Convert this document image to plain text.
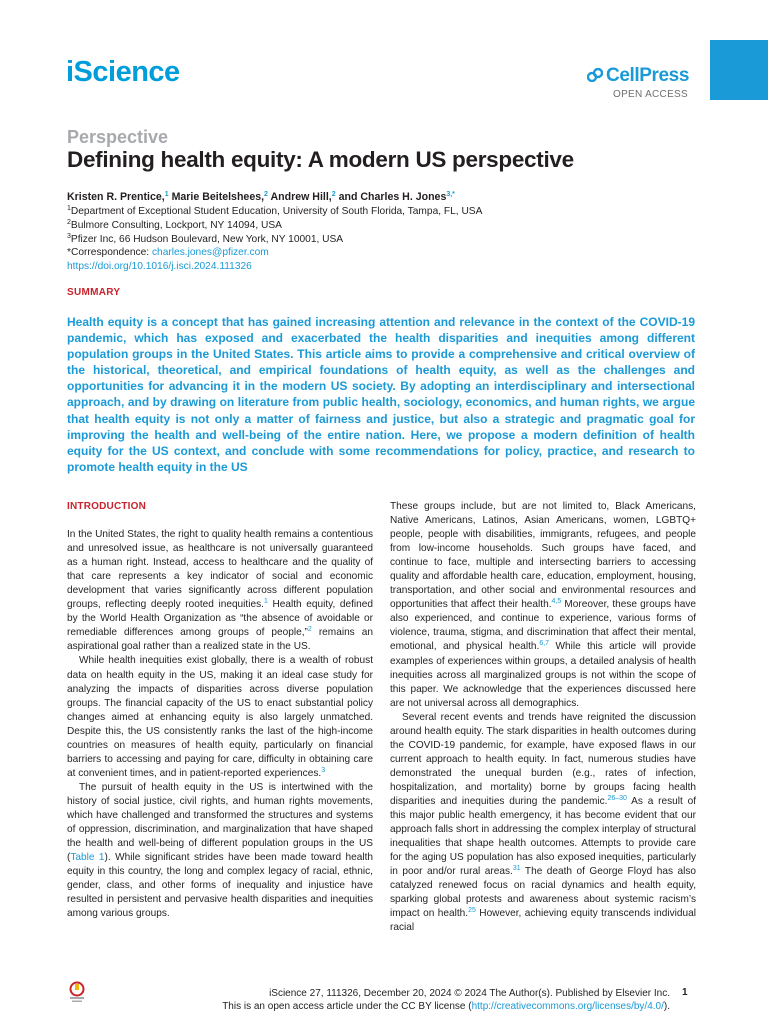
iScience	CellPress
OPEN ACCESS
Perspective
Defining health equity: A modern US perspective
Kristen R. Prentice,$^1$ Marie Beitelshees,$^2$ Andrew Hill,$^2$ and Charles H. Jones$^{3,*}$
$^1$Department of Exceptional Student Education, University of South Florida, Tampa, FL, USA
$^2$Bulmore Consulting, Lockport, NY 14094, USA
$^3$Pfizer Inc, 66 Hudson Boulevard, New York, NY 10001, USA
*Correspondence: charles.jones@pfizer.com
https://doi.org/10.1016/j.isci.2024.111326
SUMMARY
Health equity is a concept that has gained increasing attention and relevance in the context of the COVID-19 pandemic, which has exposed and exacerbated the health disparities and inequities among different population groups in the United States. This article aims to provide a comprehensive and critical overview of the historical, theoretical, and empirical foundations of health equity, as well as the challenges and opportunities for advancing it in the modern US society. By adopting an interdisciplinary and intersectional approach, and by drawing on literature from public health, sociology, economics, and human rights, we argue that health equity is not only a matter of fairness and justice, but also a strategic and pragmatic goal for improving the health and well-being of the entire nation. Here, we propose a modern definition of health equity for the US context, and conclude with some recommendations for policy, practice, and research to promote health equity in the US
INTRODUCTION

In the United States, the right to quality health remains a contentious and unresolved issue, as healthcare is not universally guaranteed as a human right. Instead, access to healthcare and the quality of that care represents a key indicator of social and economic development that varies significantly across different population groups, reflecting deeply rooted inequities.$^1$ Health equity, defined by the World Health Organization as “the absence of avoidable or remediable differences among groups of people,”$^2$ remains an aspirational goal rather than a realized state in the US.

While health inequities exist globally, there is a wealth of robust data on health equity in the US, making it an ideal case study for analyzing the impacts of disparities across diverse population groups. The financial capacity of the US to enact substantial policy changes aimed at enhancing equity is also largely unmatched. Despite this, the US consistently ranks the last of the high-income countries on measures of health equity, particularly on financial barriers to accessing and paying for care, difficulty in obtaining care at convenient times, and in patient-reported experiences.$^3$

The pursuit of health equity in the US is intertwined with the history of social justice, civil rights, and human rights movements, which have challenged and transformed the structures and systems of oppression, discrimination, and marginalization that have shaped the health and well-being of different population groups in the US (Table 1). While significant strides have been made toward health equity in this country, the long and complex legacy of racial, ethnic, gender, class, and other forms of inequality and injustice have resulted in persistent and pervasive health disparities and inequities among various groups.

These groups include, but are not limited to, Black Americans, Native Americans, Latinos, Asian Americans, women, LGBTQ+ people, people with disabilities, immigrants, refugees, and people from low-income households. Such groups have faced, and continue to face, multiple and intersecting barriers to accessing quality and affordable health care, education, employment, housing, transportation, and other social and environmental resources and opportunities that affect their health.$^{4,5}$ Moreover, these groups have also experienced, and continue to experience, various forms of violence, trauma, stigma, and discrimination that affect their mental, emotional, and physical health.$^{6,7}$ While this article will provide examples of experiences within groups, a detailed analysis of health inequities across all marginalized groups is not within the scope of this paper. We acknowledge that the experiences discussed here are not universal across all demographics.

Several recent events and trends have reignited the discussion around health equity. The stark disparities in health outcomes during the COVID-19 pandemic, for example, have exposed flaws in our current approach to health equity. In fact, numerous studies have demonstrated the unequal burden (e.g., rates of infection, hospitalization, and mortality) borne by groups facing health disparities and inequities during the pandemic.$^{26-30}$ As a result of this major public health emergency, it has become evident that our approach falls short in addressing the complex interplay of structural inequalities that shape health outcomes. Attempts to provide care for the aging US population has also exposed inequities, particularly in poor and/or rural areas.$^{31}$ The death of George Floyd has also catalyzed renewed focus on racial dynamics and health equity, sparking global protests and awareness about systemic racism’s impact on health.$^{25}$ However, achieving equity transcends individual racial

iScience 27, 111326, December 20, 2024 © 2024 The Author(s). Published by Elsevier Inc.
This is an open access article under the CC BY license (http://creativecommons.org/licenses/by/4.0/).
1
